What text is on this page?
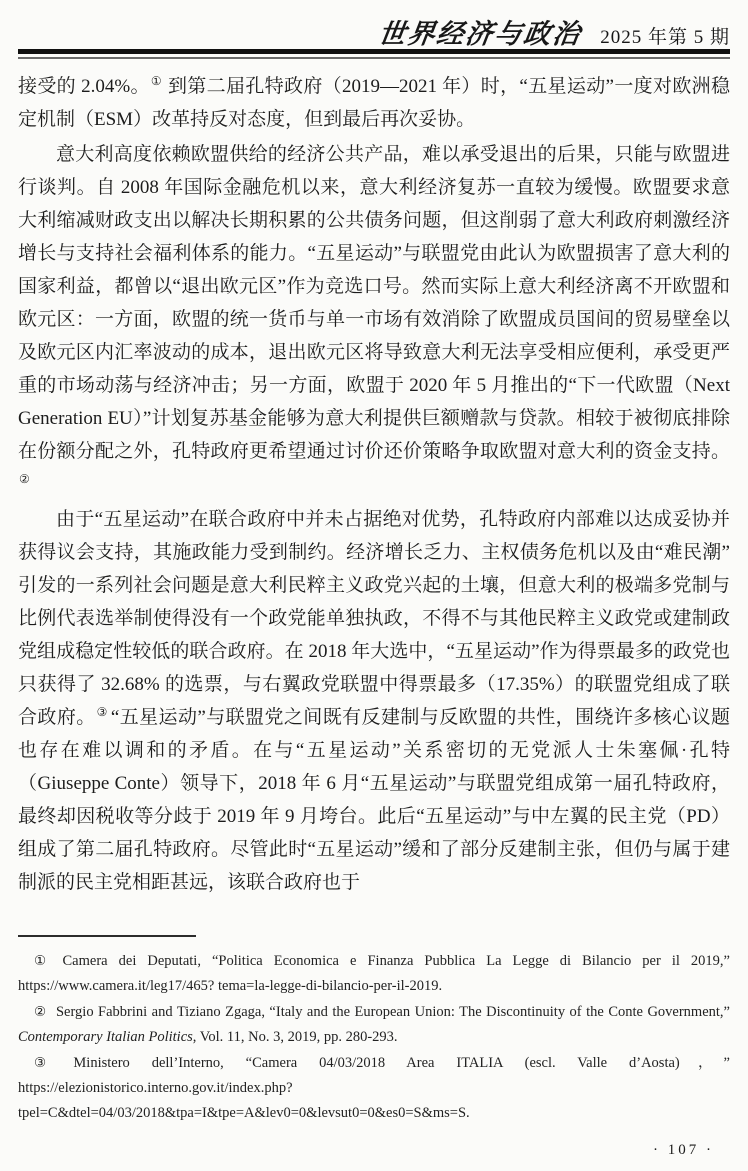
世界经济与政治 2025 年第 5 期

接受的 2.04%。① 到第二届孔特政府（2019—2021 年）时，“五星运动”一度对欧洲稳定机制（ESM）改革持反对态度，但到最后再次妥协。

意大利高度依赖欧盟供给的经济公共产品，难以承受退出的后果，只能与欧盟进行谈判。自 2008 年国际金融危机以来，意大利经济复苏一直较为缓慢。欧盟要求意大利缩减财政支出以解决长期积累的公共债务问题，但这削弱了意大利政府刺激经济增长与支持社会福利体系的能力。“五星运动”与联盟党由此认为欧盟损害了意大利的国家利益，都曾以“退出欧元区”作为竞选口号。然而实际上意大利经济离不开欧盟和欧元区：一方面，欧盟的统一货币与单一市场有效消除了欧盟成员国间的贸易壁垒以及欧元区内汇率波动的成本，退出欧元区将导致意大利无法享受相应便利，承受更严重的市场动荡与经济冲击；另一方面，欧盟于 2020 年 5 月推出的“下一代欧盟（Next Generation EU）”计划复苏基金能够为意大利提供巨额赠款与贷款。相较于被彻底排除在份额分配之外，孔特政府更希望通过讨价还价策略争取欧盟对意大利的资金支持。②

由于“五星运动”在联合政府中并未占据绝对优势，孔特政府内部难以达成妥协并获得议会支持，其施政能力受到制约。经济增长乏力、主权债务危机以及由“难民潮”引发的一系列社会问题是意大利民粹主义政党兴起的土壤，但意大利的极端多党制与比例代表选举制使得没有一个政党能单独执政，不得不与其他民粹主义政党或建制政党组成稳定性较低的联合政府。在 2018 年大选中，“五星运动”作为得票最多的政党也只获得了 32.68% 的选票，与右翼政党联盟中得票最多（17.35%）的联盟党组成了联合政府。③ “五星运动”与联盟党之间既有反建制与反欧盟的共性，围绕许多核心议题也存在难以调和的矛盾。在与“五星运动”关系密切的无党派人士朱塞佩·孔特（Giuseppe Conte）领导下，2018 年 6 月“五星运动”与联盟党组成第一届孔特政府，最终却因税收等分歧于 2019 年 9 月垮台。此后“五星运动”与中左翼的民主党（PD）组成了第二届孔特政府。尽管此时“五星运动”缓和了部分反建制主张，但仍与属于建制派的民主党相距甚远，该联合政府也于

① Camera dei Deputati, “Politica Economica e Finanza Pubblica La Legge di Bilancio per il 2019,” https://www.camera.it/leg17/465? tema=la-legge-di-bilancio-per-il-2019.

② Sergio Fabbrini and Tiziano Zgaga, “Italy and the European Union: The Discontinuity of the Conte Government,” Contemporary Italian Politics, Vol. 11, No. 3, 2019, pp. 280-293.

③ Ministero dell’Interno, “Camera 04/03/2018 Area ITALIA (escl. Valle d’Aosta)，” https://elezionistorico.interno.gov.it/index.php? tpel=C&dtel=04/03/2018&tpa=I&tpe=A&lev0=0&levsut0=0&es0=S&ms=S.

· 107 ·
